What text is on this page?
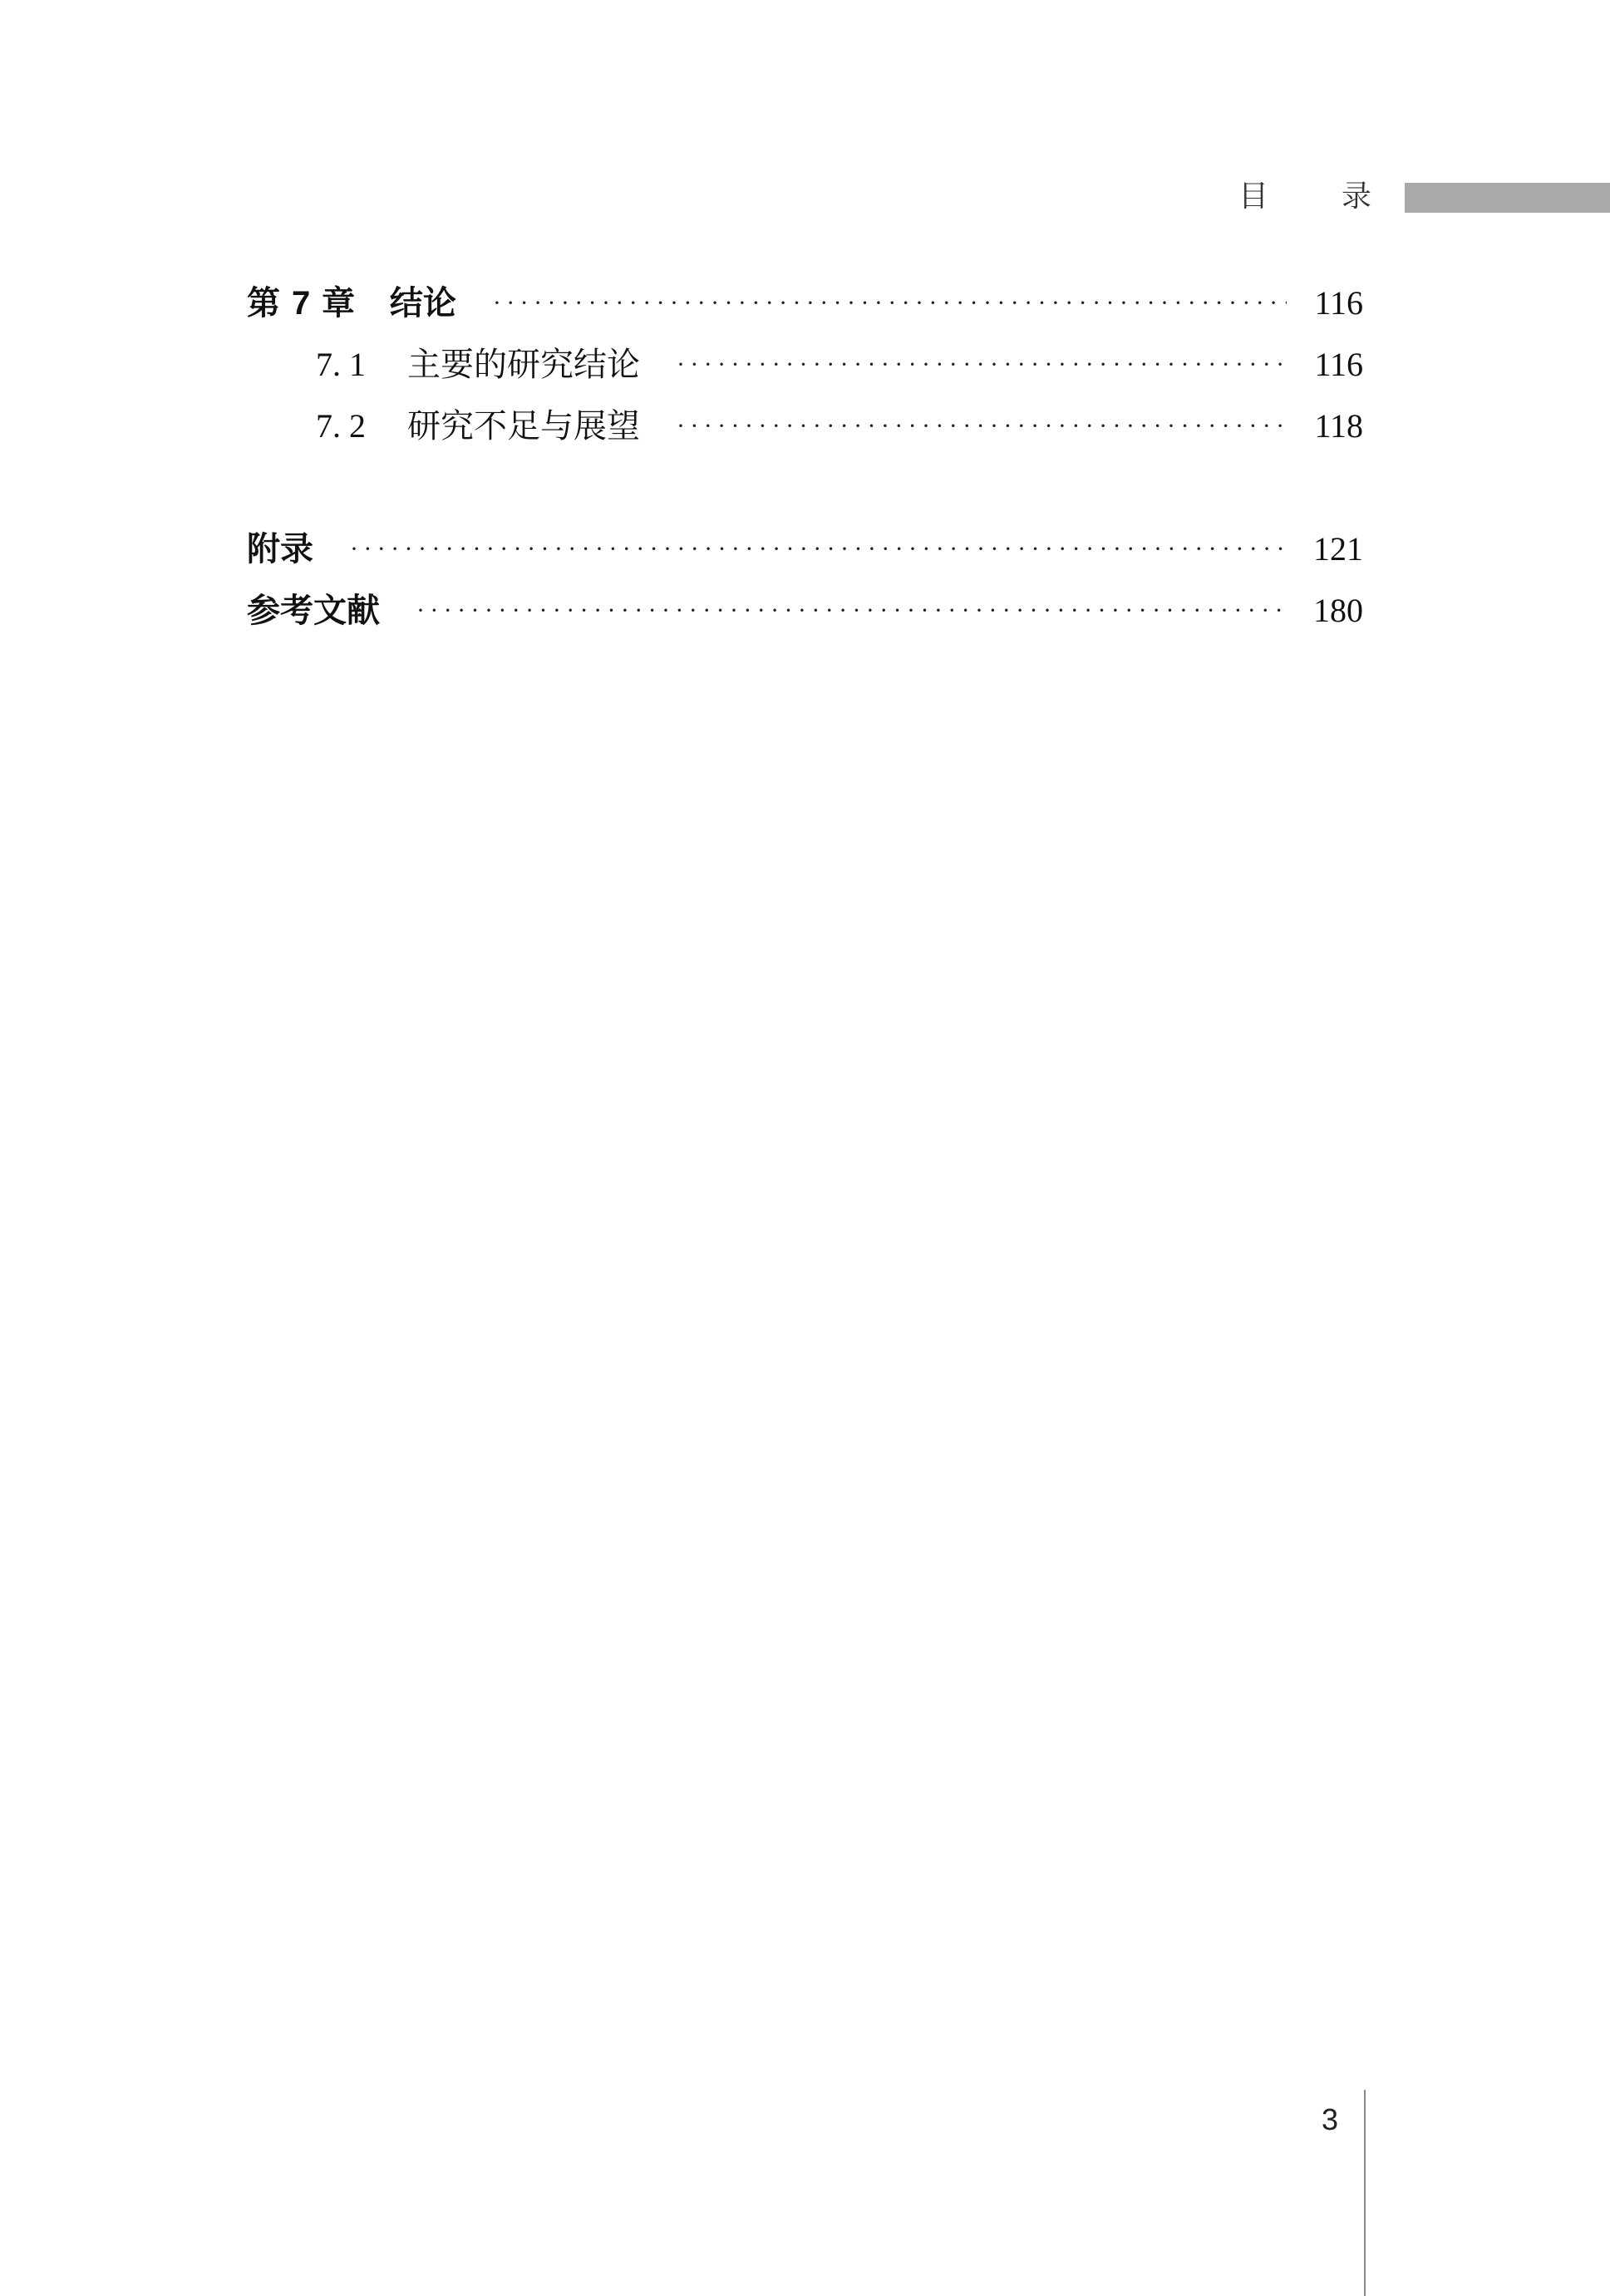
目 录
第 7 章 结论 ·····	116
7. 1	主要的研究结论 ·····	116
7. 2	研究不足与展望 ·····	118
附录 ·····	121
参考文献 ·····	180
3
